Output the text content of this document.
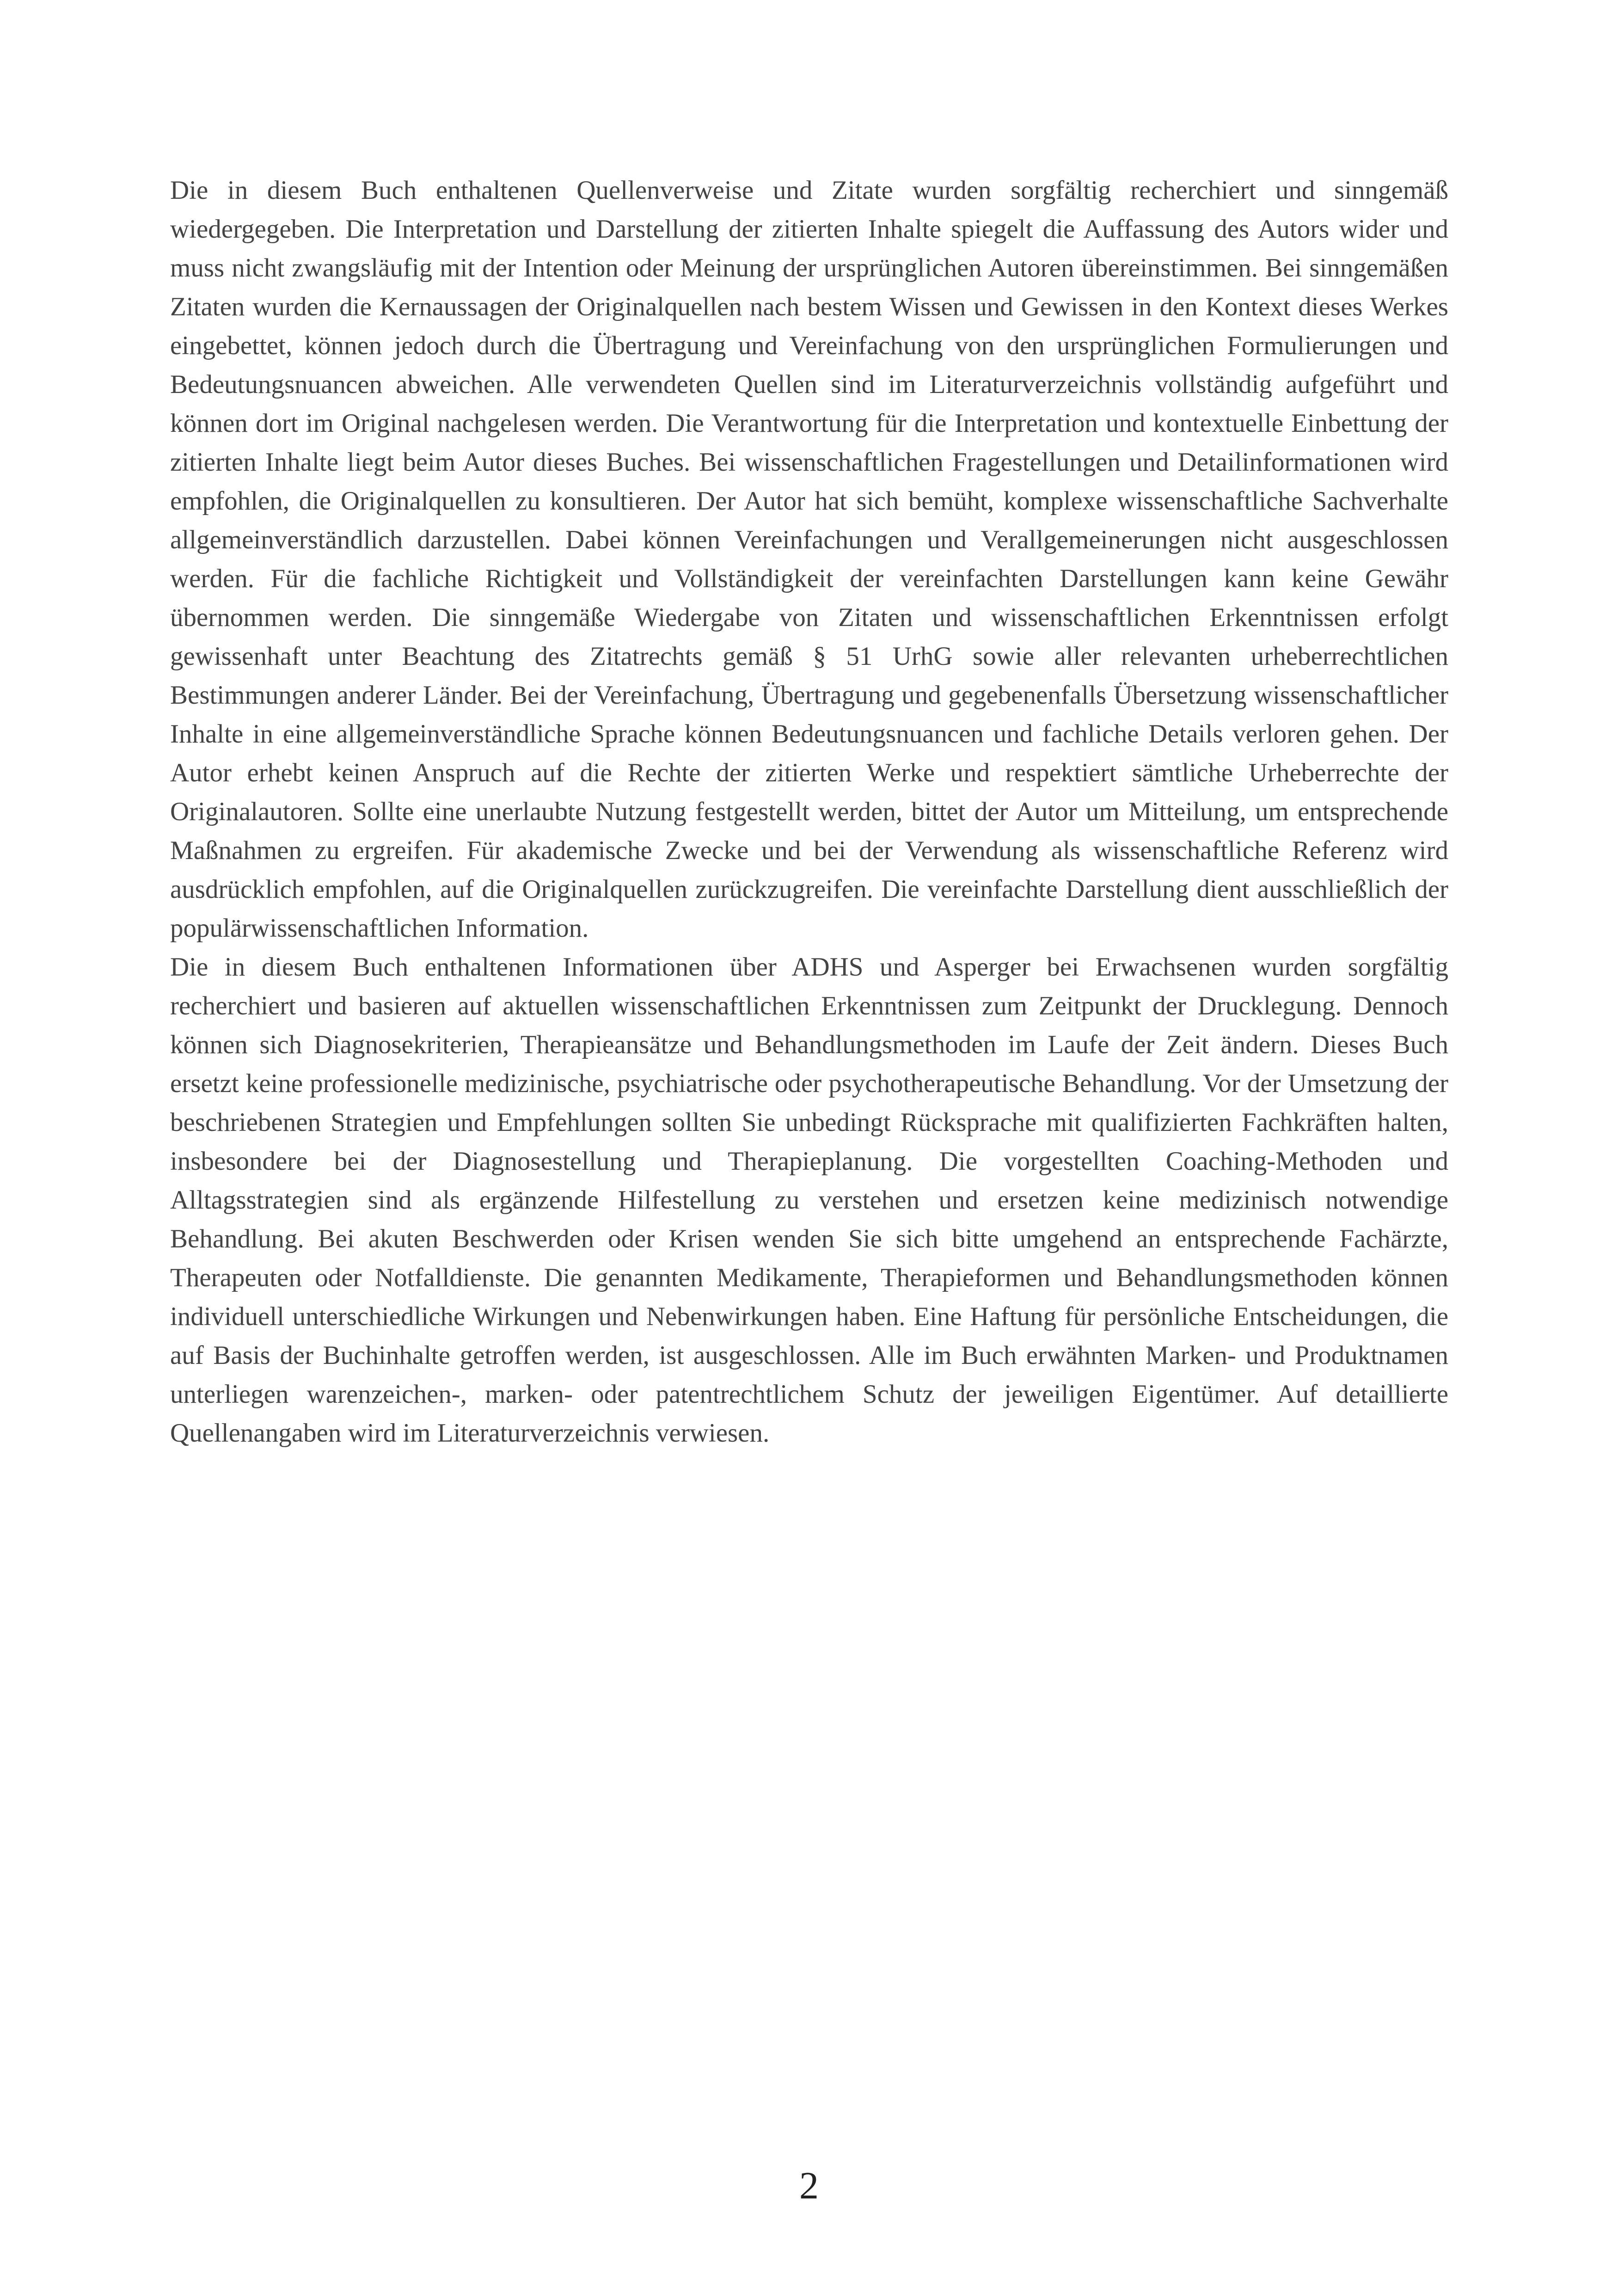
Die in diesem Buch enthaltenen Quellenverweise und Zitate wurden sorgfältig recherchiert und sinngemäß wiedergegeben. Die Interpretation und Darstellung der zitierten Inhalte spiegelt die Auffassung des Autors wider und muss nicht zwangsläufig mit der Intention oder Meinung der ursprünglichen Autoren übereinstimmen. Bei sinngemäßen Zitaten wurden die Kernaussagen der Originalquellen nach bestem Wissen und Gewissen in den Kontext dieses Werkes eingebettet, können jedoch durch die Übertragung und Vereinfachung von den ursprünglichen Formulierungen und Bedeutungsnuancen abweichen. Alle verwendeten Quellen sind im Literaturverzeichnis vollständig aufgeführt und können dort im Original nachgelesen werden. Die Verantwortung für die Interpretation und kontextuelle Einbettung der zitierten Inhalte liegt beim Autor dieses Buches. Bei wissenschaftlichen Fragestellungen und Detailinformationen wird empfohlen, die Originalquellen zu konsultieren. Der Autor hat sich bemüht, komplexe wissenschaftliche Sachverhalte allgemeinverständlich darzustellen. Dabei können Vereinfachungen und Verallgemeinerungen nicht ausgeschlossen werden. Für die fachliche Richtigkeit und Vollständigkeit der vereinfachten Darstellungen kann keine Gewähr übernommen werden. Die sinngemäße Wiedergabe von Zitaten und wissenschaftlichen Erkenntnissen erfolgt gewissenhaft unter Beachtung des Zitatrechts gemäß § 51 UrhG sowie aller relevanten urheberrechtlichen Bestimmungen anderer Länder. Bei der Vereinfachung, Übertragung und gegebenenfalls Übersetzung wissenschaftlicher Inhalte in eine allgemeinverständliche Sprache können Bedeutungsnuancen und fachliche Details verloren gehen. Der Autor erhebt keinen Anspruch auf die Rechte der zitierten Werke und respektiert sämtliche Urheberrechte der Originalautoren. Sollte eine unerlaubte Nutzung festgestellt werden, bittet der Autor um Mitteilung, um entsprechende Maßnahmen zu ergreifen. Für akademische Zwecke und bei der Verwendung als wissenschaftliche Referenz wird ausdrücklich empfohlen, auf die Originalquellen zurückzugreifen. Die vereinfachte Darstellung dient ausschließlich der populärwissenschaftlichen Information.

Die in diesem Buch enthaltenen Informationen über ADHS und Asperger bei Erwachsenen wurden sorgfältig recherchiert und basieren auf aktuellen wissenschaftlichen Erkenntnissen zum Zeitpunkt der Drucklegung. Dennoch können sich Diagnosekriterien, Therapieansätze und Behandlungsmethoden im Laufe der Zeit ändern. Dieses Buch ersetzt keine professionelle medizinische, psychiatrische oder psychotherapeutische Behandlung. Vor der Umsetzung der beschriebenen Strategien und Empfehlungen sollten Sie unbedingt Rücksprache mit qualifizierten Fachkräften halten, insbesondere bei der Diagnosestellung und Therapieplanung. Die vorgestellten Coaching-Methoden und Alltagsstrategien sind als ergänzende Hilfestellung zu verstehen und ersetzen keine medizinisch notwendige Behandlung. Bei akuten Beschwerden oder Krisen wenden Sie sich bitte umgehend an entsprechende Fachärzte, Therapeuten oder Notfalldienste. Die genannten Medikamente, Therapieformen und Behandlungsmethoden können individuell unterschiedliche Wirkungen und Nebenwirkungen haben. Eine Haftung für persönliche Entscheidungen, die auf Basis der Buchinhalte getroffen werden, ist ausgeschlossen. Alle im Buch erwähnten Marken- und Produktnamen unterliegen warenzeichen-, marken- oder patentrechtlichem Schutz der jeweiligen Eigentümer. Auf detaillierte Quellenangaben wird im Literaturverzeichnis verwiesen.

2
